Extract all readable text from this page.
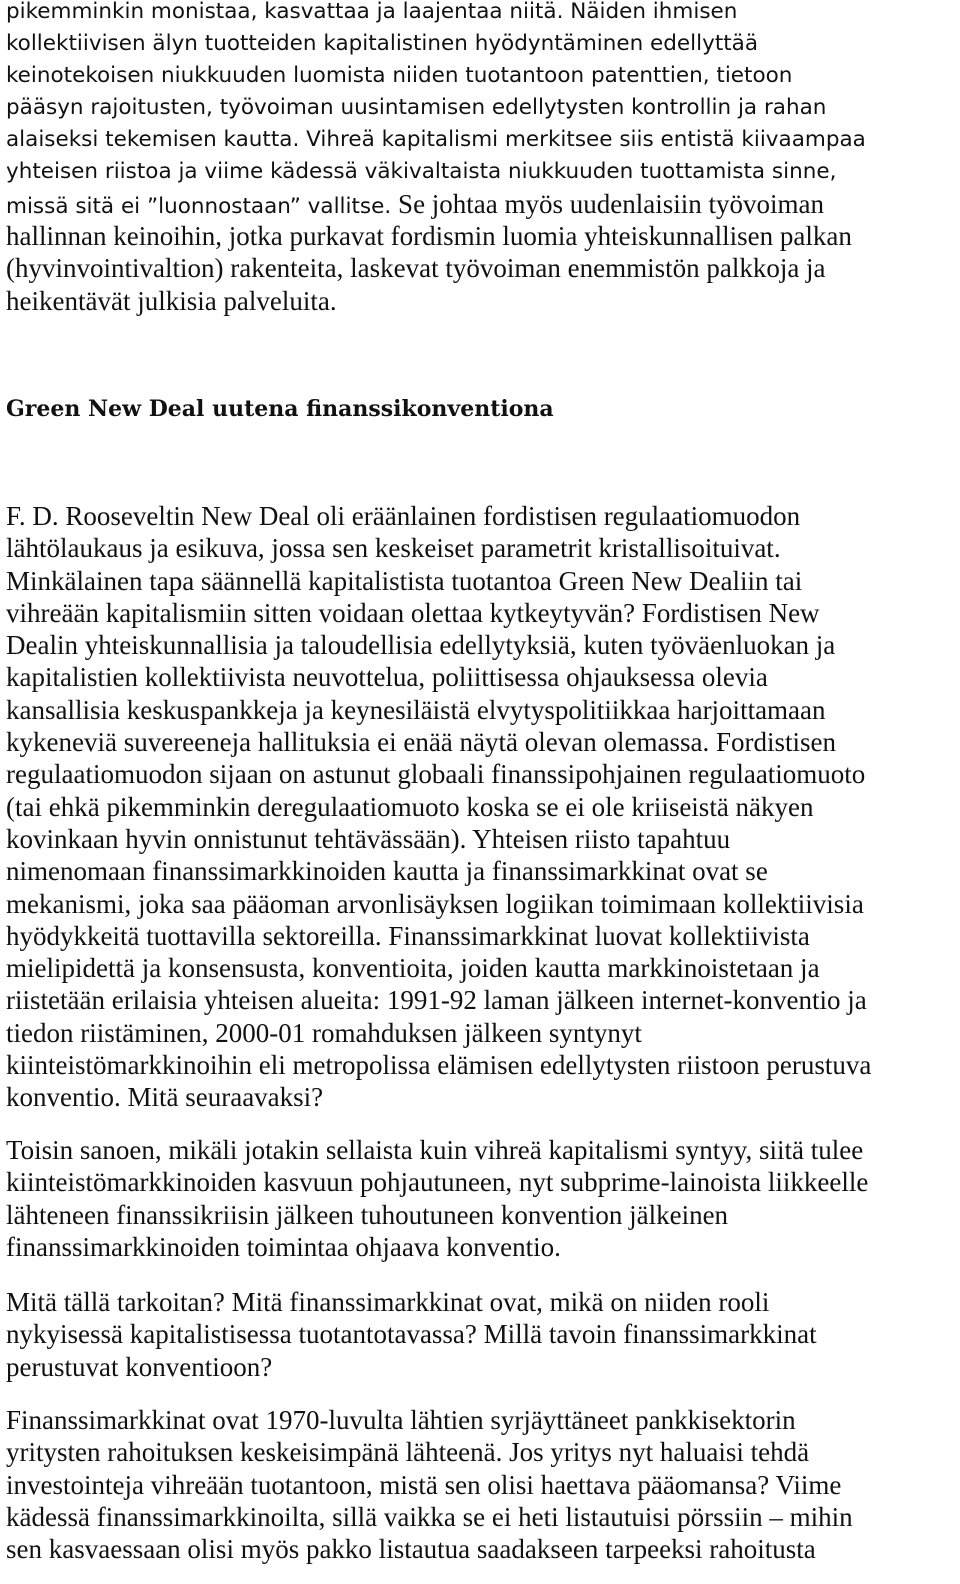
pikemminkin monistaa, kasvattaa ja laajentaa niitä. Näiden ihmisen

kollektiivisen älyn tuotteiden kapitalistinen hyödyntäminen edellyttää

keinotekoisen niukkuuden luomista niiden tuotantoon patenttien, tietoon

pääsyn rajoitusten, työvoiman uusintamisen edellytysten kontrollin ja rahan

alaiseksi tekemisen kautta. Vihreä kapitalismi merkitsee siis entistä kiivaampaa

yhteisen riistoa ja viime kädessä väkivaltaista niukkuuden tuottamista sinne,

missä sitä ei ”luonnostaan” vallitse. Se johtaa myös uudenlaisiin työvoiman

hallinnan keinoihin, jotka purkavat fordismin luomia yhteiskunnallisen palkan

(hyvinvointivaltion) rakenteita, laskevat työvoiman enemmistön palkkoja ja

heikentävät julkisia palveluita.

Green New Deal uutena finanssikonventiona

F. D. Rooseveltin New Deal oli eräänlainen fordistisen regulaatiomuodon

lähtölaukaus ja esikuva, jossa sen keskeiset parametrit kristallisoituivat.

Minkälainen tapa säännellä kapitalistista tuotantoa Green New Dealiin tai

vihreään kapitalismiin sitten voidaan olettaa kytkeytyvän? Fordistisen New

Dealin yhteiskunnallisia ja taloudellisia edellytyksiä, kuten työväenluokan ja

kapitalistien kollektiivista neuvottelua, poliittisessa ohjauksessa olevia

kansallisia keskuspankkeja ja keynesiläistä elvytyspolitiikkaa harjoittamaan

kykeneviä suvereeneja hallituksia ei enää näytä olevan olemassa. Fordistisen

regulaatiomuodon sijaan on astunut globaali finanssipohjainen regulaatiomuoto

(tai ehkä pikemminkin deregulaatiomuoto koska se ei ole kriiseistä näkyen

kovinkaan hyvin onnistunut tehtävässään). Yhteisen riisto tapahtuu

nimenomaan finanssimarkkinoiden kautta ja finanssimarkkinat ovat se

mekanismi, joka saa pääoman arvonlisäyksen logiikan toimimaan kollektiivisia

hyödykkeitä tuottavilla sektoreilla. Finanssimarkkinat luovat kollektiivista

mielipidettä ja konsensusta, konventioita, joiden kautta markkinoistetaan ja

riistetään erilaisia yhteisen alueita: 1991-92 laman jälkeen internet-konventio ja

tiedon riistäminen, 2000-01 romahduksen jälkeen syntynyt

kiinteistömarkkinoihin eli metropolissa elämisen edellytysten riistoon perustuva

konventio. Mitä seuraavaksi?

Toisin sanoen, mikäli jotakin sellaista kuin vihreä kapitalismi syntyy, siitä tulee

kiinteistömarkkinoiden kasvuun pohjautuneen, nyt subprime-lainoista liikkeelle

lähteneen finanssikriisin jälkeen tuhoutuneen konvention jälkeinen

finanssimarkkinoiden toimintaa ohjaava konventio.

Mitä tällä tarkoitan? Mitä finanssimarkkinat ovat, mikä on niiden rooli

nykyisessä kapitalistisessa tuotantotavassa? Millä tavoin finanssimarkkinat

perustuvat konventioon?

Finanssimarkkinat ovat 1970-luvulta lähtien syrjäyttäneet pankkisektorin

yritysten rahoituksen keskeisimpänä lähteenä. Jos yritys nyt haluaisi tehdä

investointeja vihreään tuotantoon, mistä sen olisi haettava pääomansa? Viime

kädessä finanssimarkkinoilta, sillä vaikka se ei heti listautuisi pörssiin – mihin

sen kasvaessaan olisi myös pakko listautua saadakseen tarpeeksi rahoitusta
